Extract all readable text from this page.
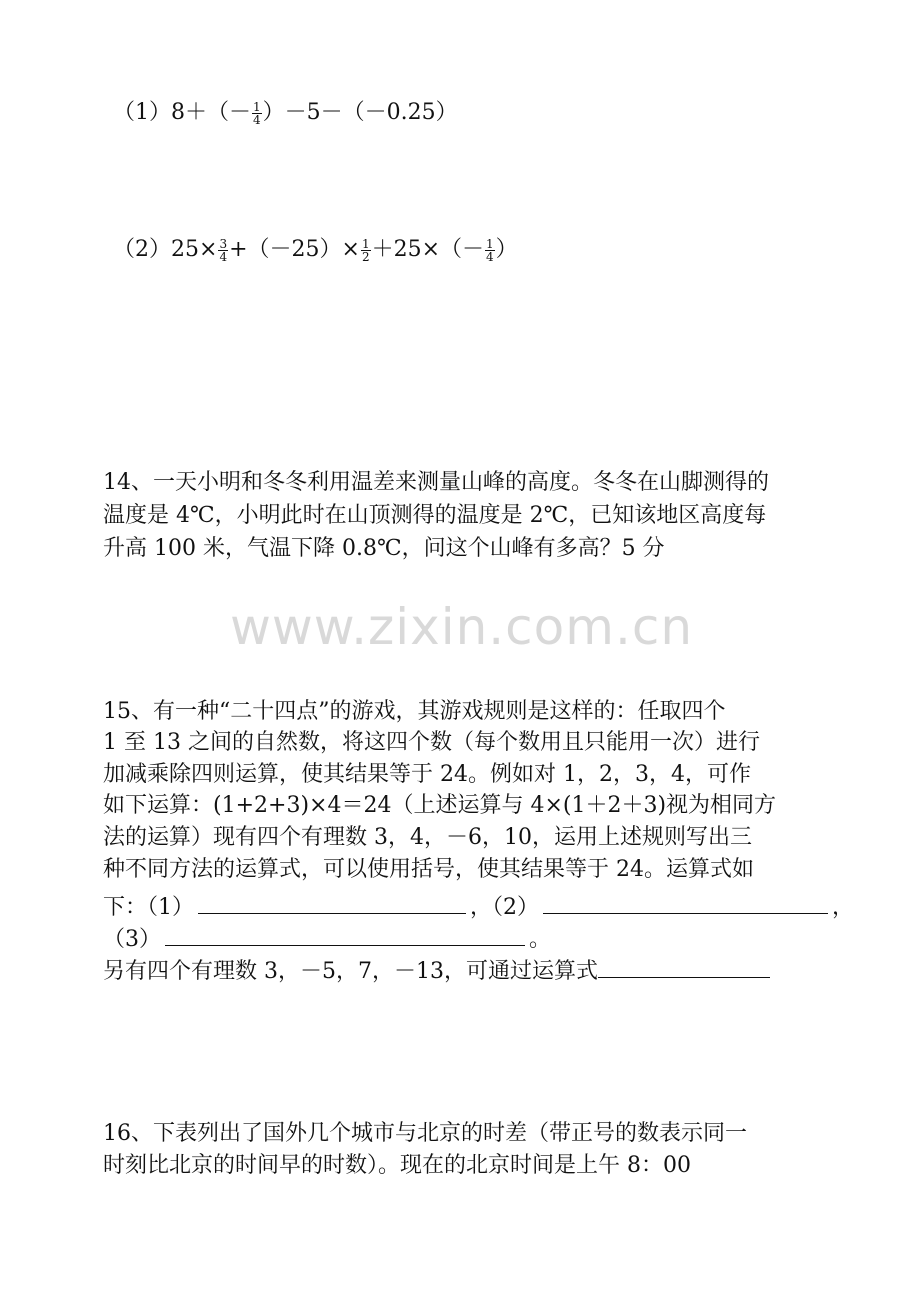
$(1)8+(- \frac{1}{4} )-5-(-0.25)$
$(2)25\times \frac{3}{4} +(-25)\times \frac{1}{2} +25\times(- \frac{1}{4}$ ）
14、一天小明和冬冬利用温差来测量山峰的高度。冬冬在山脚测得的
温度是 4℃，小明此时在山顶测得的温度是 2℃，已知该地区高度每
升高 100 米，气温下降 0.8℃，问这个山峰有多高？5 分
www.zixin.com.cn
15、有一种“二十四点”的游戏，其游戏规则是这样的：任取四个
1 至 13 之间的自然数，将这四个数（每个数用且只能用一次）进行
加减乘除四则运算，使其结果等于 24。例如对 1，2，3，4，可作
如下运算：(1+2+3)×4＝24（上述运算与 4×(1＋2＋3)视为相同方
法的运算）现有四个有理数 3，4，－6，10，运用上述规则写出三
种不同方法的运算式，可以使用括号，使其结果等于 24。运算式如
下：（1）	，（2）	，
（3）	。
另有四个有理数 3，－5，7，－13，可通过运算式
16、下表列出了国外几个城市与北京的时差（带正号的数表示同一
时刻比北京的时间早的时数）。现在的北京时间是上午 8：00
